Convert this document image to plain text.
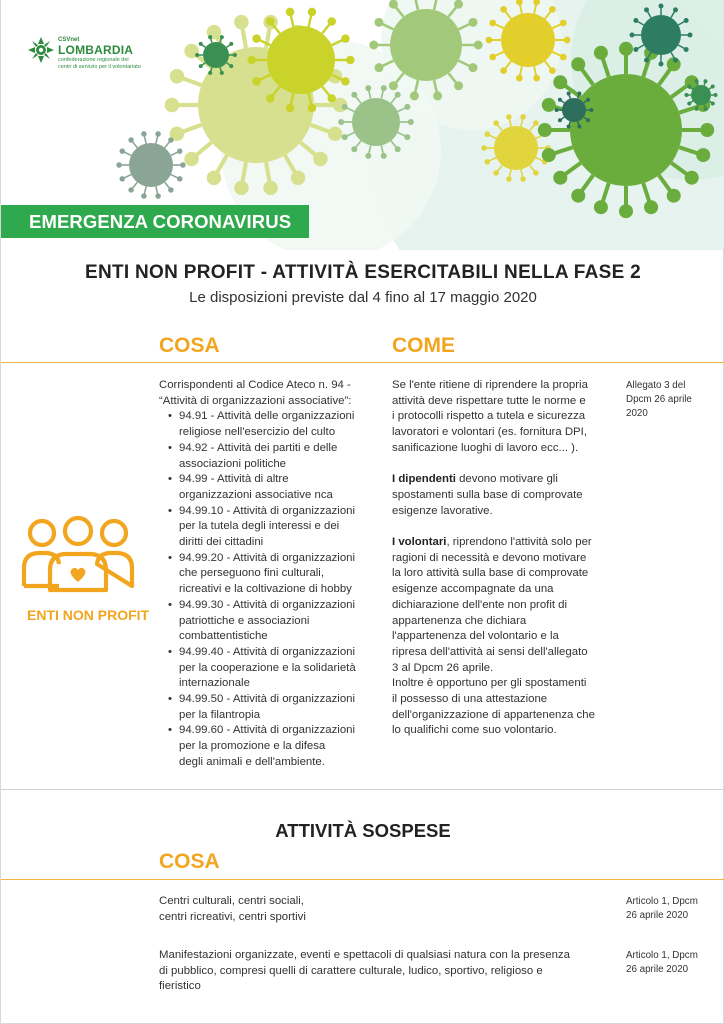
CSVnet
LOMBARDIA
confederazione regionale dei
centri di servizio per il volontariato
EMERGENZA CORONAVIRUS
ENTI NON PROFIT - ATTIVITÀ ESERCITABILI NELLA FASE 2
Le disposizioni previste dal 4 fino al 17 maggio 2020
COSA	COME
ENTI NON PROFIT
Corrispondenti al Codice Ateco n. 94 -
“Attività di organizzazioni associative”:
• 94.91 - Attività delle organizzazioni
religiose nell'esercizio del culto
• 94.92 - Attività dei partiti e delle
associazioni politiche
• 94.99 - Attività di altre
organizzazioni associative nca
• 94.99.10 - Attività di organizzazioni
per la tutela degli interessi e dei
diritti dei cittadini
• 94.99.20 - Attività di organizzazioni
che perseguono fini culturali,
ricreativi e la coltivazione di hobby
• 94.99.30 - Attività di organizzazioni
patriottiche e associazioni
combattentistiche
• 94.99.40 - Attività di organizzazioni
per la cooperazione e la solidarietà
internazionale
• 94.99.50 - Attività di organizzazioni
per la filantropia
• 94.99.60 - Attività di organizzazioni
per la promozione e la difesa
degli animali e dell'ambiente.
Se l'ente ritiene di riprendere la propria
attività deve rispettare tutte le norme e
i protocolli rispetto a tutela e sicurezza
lavoratori e volontari (es. fornitura DPI,
sanificazione luoghi di lavoro ecc... ).
I dipendenti devono motivare gli
spostamenti sulla base di comprovate
esigenze lavorative.
I volontari, riprendono l'attività solo per
ragioni di necessità e devono motivare
la loro attività sulla base di comprovate
esigenze accompagnate da una
dichiarazione dell'ente non profit di
appartenenza che dichiara
l'appartenenza del volontario e la
ripresa dell'attività ai sensi dell'allegato
3 al Dpcm 26 aprile.
Inoltre è opportuno per gli spostamenti
il possesso di una attestazione
dell'organizzazione di appartenenza che
lo qualifichi come suo volontario.
Allegato 3 del
Dpcm 26 aprile
2020
ATTIVITÀ SOSPESE
COSA
Centri culturali, centri sociali,
centri ricreativi, centri sportivi
Articolo 1, Dpcm
26 aprile 2020
Manifestazioni organizzate, eventi e spettacoli di qualsiasi natura con la presenza
di pubblico, compresi quelli di carattere culturale, ludico, sportivo, religioso e
fieristico
Articolo 1, Dpcm
26 aprile 2020
